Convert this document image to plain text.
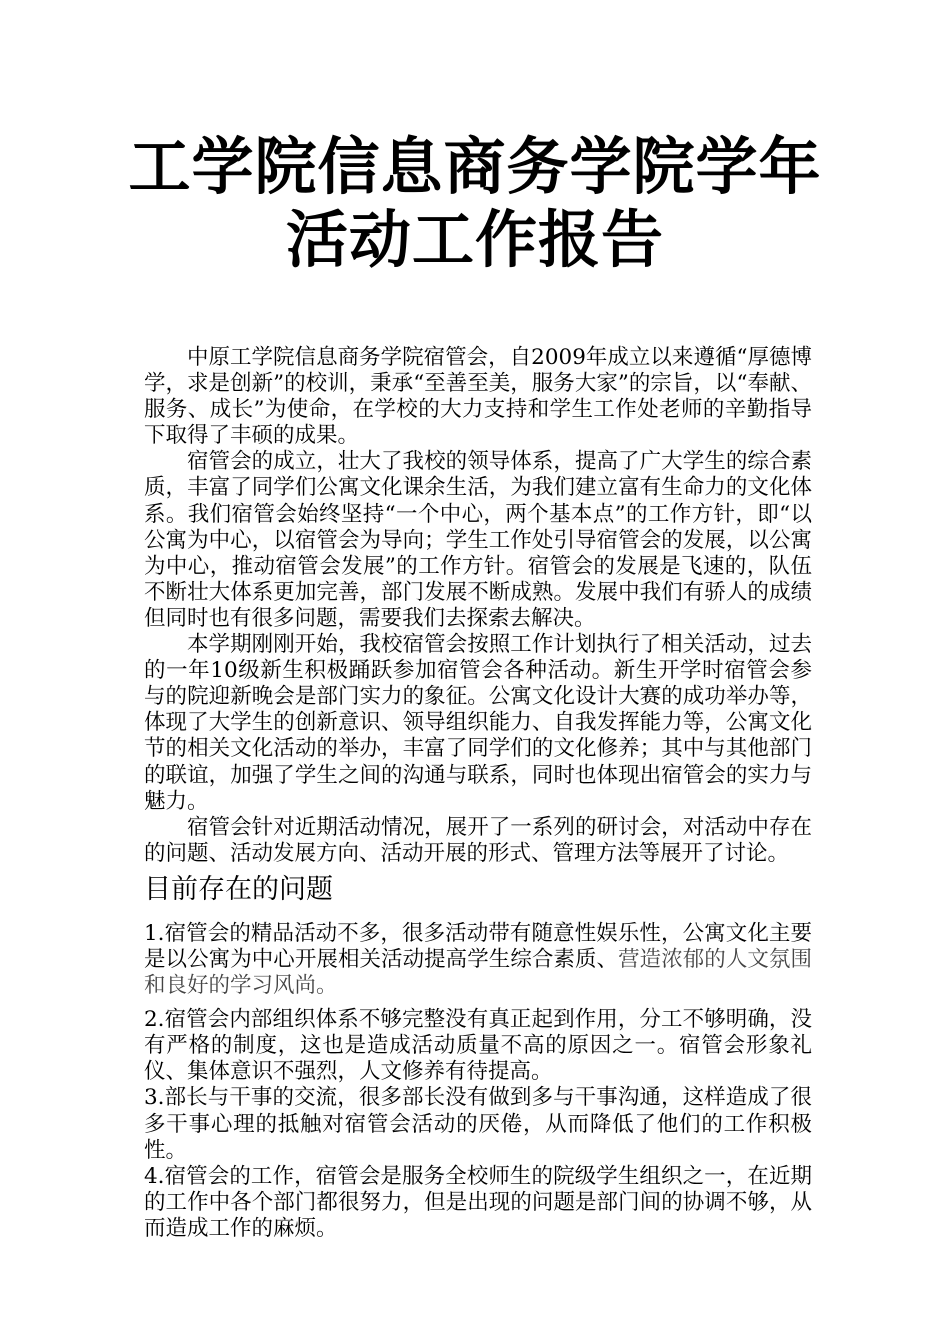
工学院信息商务学院学年
活动工作报告

中原工学院信息商务学院宿管会，自2009年成立以来遵循“厚德博学，求是创新”的校训，秉承“至善至美，服务大家”的宗旨，以“奉献、服务、成长”为使命，在学校的大力支持和学生工作处老师的辛勤指导下取得了丰硕的成果。

宿管会的成立，壮大了我校的领导体系，提高了广大学生的综合素质，丰富了同学们公寓文化课余生活，为我们建立富有生命力的文化体系。我们宿管会始终坚持“一个中心，两个基本点”的工作方针，即“以公寓为中心，以宿管会为导向；学生工作处引导宿管会的发展，以公寓为中心，推动宿管会发展”的工作方针。宿管会的发展是飞速的，队伍不断壮大体系更加完善，部门发展不断成熟。发展中我们有骄人的成绩但同时也有很多问题，需要我们去探索去解决。

本学期刚刚开始，我校宿管会按照工作计划执行了相关活动，过去的一年10级新生积极踊跃参加宿管会各种活动。新生开学时宿管会参与的院迎新晚会是部门实力的象征。公寓文化设计大赛的成功举办等，体现了大学生的创新意识、领导组织能力、自我发挥能力等，公寓文化节的相关文化活动的举办，丰富了同学们的文化修养；其中与其他部门的联谊，加强了学生之间的沟通与联系，同时也体现出宿管会的实力与魅力。

宿管会针对近期活动情况，展开了一系列的研讨会，对活动中存在的问题、活动发展方向、活动开展的形式、管理方法等展开了讨论。

目前存在的问题

1.宿管会的精品活动不多，很多活动带有随意性娱乐性，公寓文化主要是以公寓为中心开展相关活动提高学生综合素质、营造浓郁的人文氛围和良好的学习风尚。

2.宿管会内部组织体系不够完整没有真正起到作用，分工不够明确，没有严格的制度，这也是造成活动质量不高的原因之一。宿管会形象礼仪、集体意识不强烈，人文修养有待提高。

3.部长与干事的交流，很多部长没有做到多与干事沟通，这样造成了很多干事心理的抵触对宿管会活动的厌倦，从而降低了他们的工作积极性。

4.宿管会的工作，宿管会是服务全校师生的院级学生组织之一，在近期的工作中各个部门都很努力，但是出现的问题是部门间的协调不够，从而造成工作的麻烦。
